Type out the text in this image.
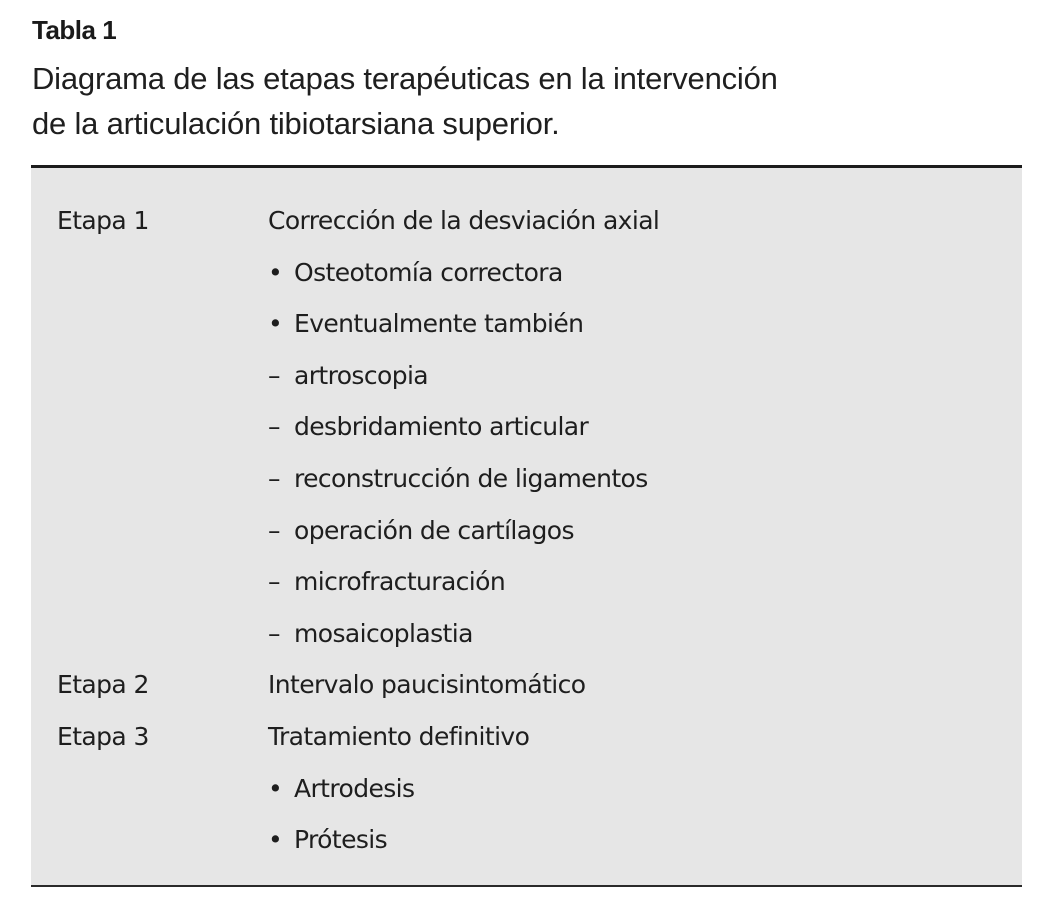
Tabla 1
Diagrama de las etapas terapéuticas en la intervención
de la articulación tibiotarsiana superior.
Etapa 1	Corrección de la desviación axial
• Osteotomía correctora
• Eventualmente también
– artroscopia
– desbridamiento articular
– reconstrucción de ligamentos
– operación de cartílagos
– microfracturación
– mosaicoplastia
Etapa 2	Intervalo paucisintomático
Etapa 3	Tratamiento definitivo
• Artrodesis
• Prótesis
